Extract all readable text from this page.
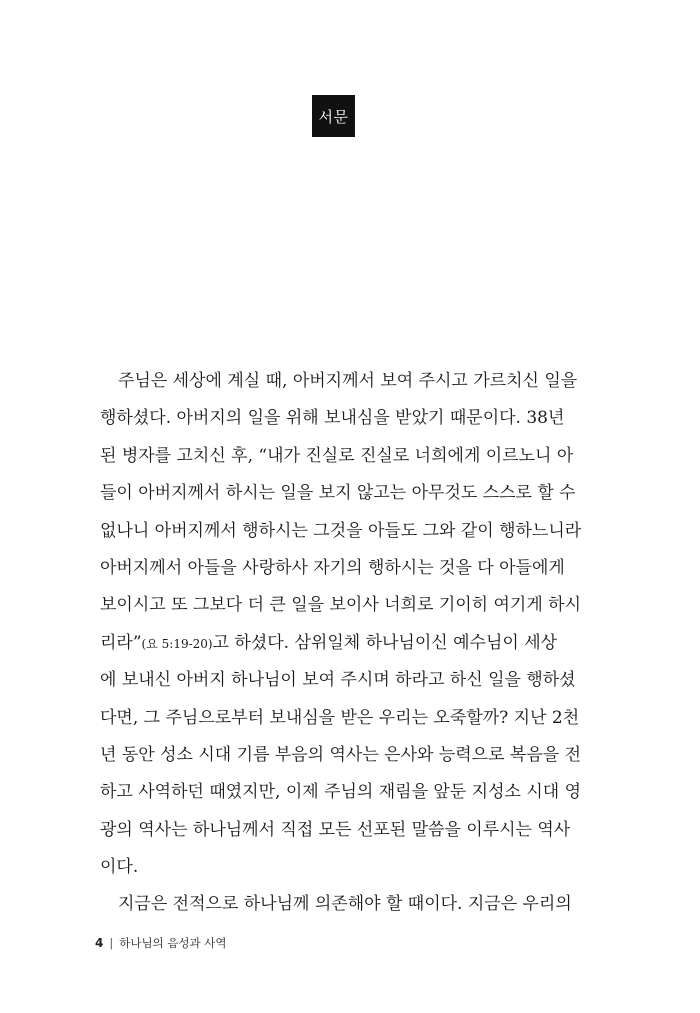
서문
주님은 세상에 계실 때, 아버지께서 보여 주시고 가르치신 일을
행하셨다. 아버지의 일을 위해 보내심을 받았기 때문이다. 38년
된 병자를 고치신 후, “내가 진실로 진실로 너희에게 이르노니 아
들이 아버지께서 하시는 일을 보지 않고는 아무것도 스스로 할 수
없나니 아버지께서 행하시는 그것을 아들도 그와 같이 행하느니라
아버지께서 아들을 사랑하사 자기의 행하시는 것을 다 아들에게
보이시고 또 그보다 더 큰 일을 보이사 너희로 기이히 여기게 하시
리라”(요 5:19-20)고 하셨다. 삼위일체 하나님이신 예수님이 세상
에 보내신 아버지 하나님이 보여 주시며 하라고 하신 일을 행하셨
다면, 그 주님으로부터 보내심을 받은 우리는 오죽할까? 지난 2천
년 동안 성소 시대 기름 부음의 역사는 은사와 능력으로 복음을 전
하고 사역하던 때였지만, 이제 주님의 재림을 앞둔 지성소 시대 영
광의 역사는 하나님께서 직접 모든 선포된 말씀을 이루시는 역사
이다.
지금은 전적으로 하나님께 의존해야 할 때이다. 지금은 우리의
4 | 하나님의 음성과 사역
